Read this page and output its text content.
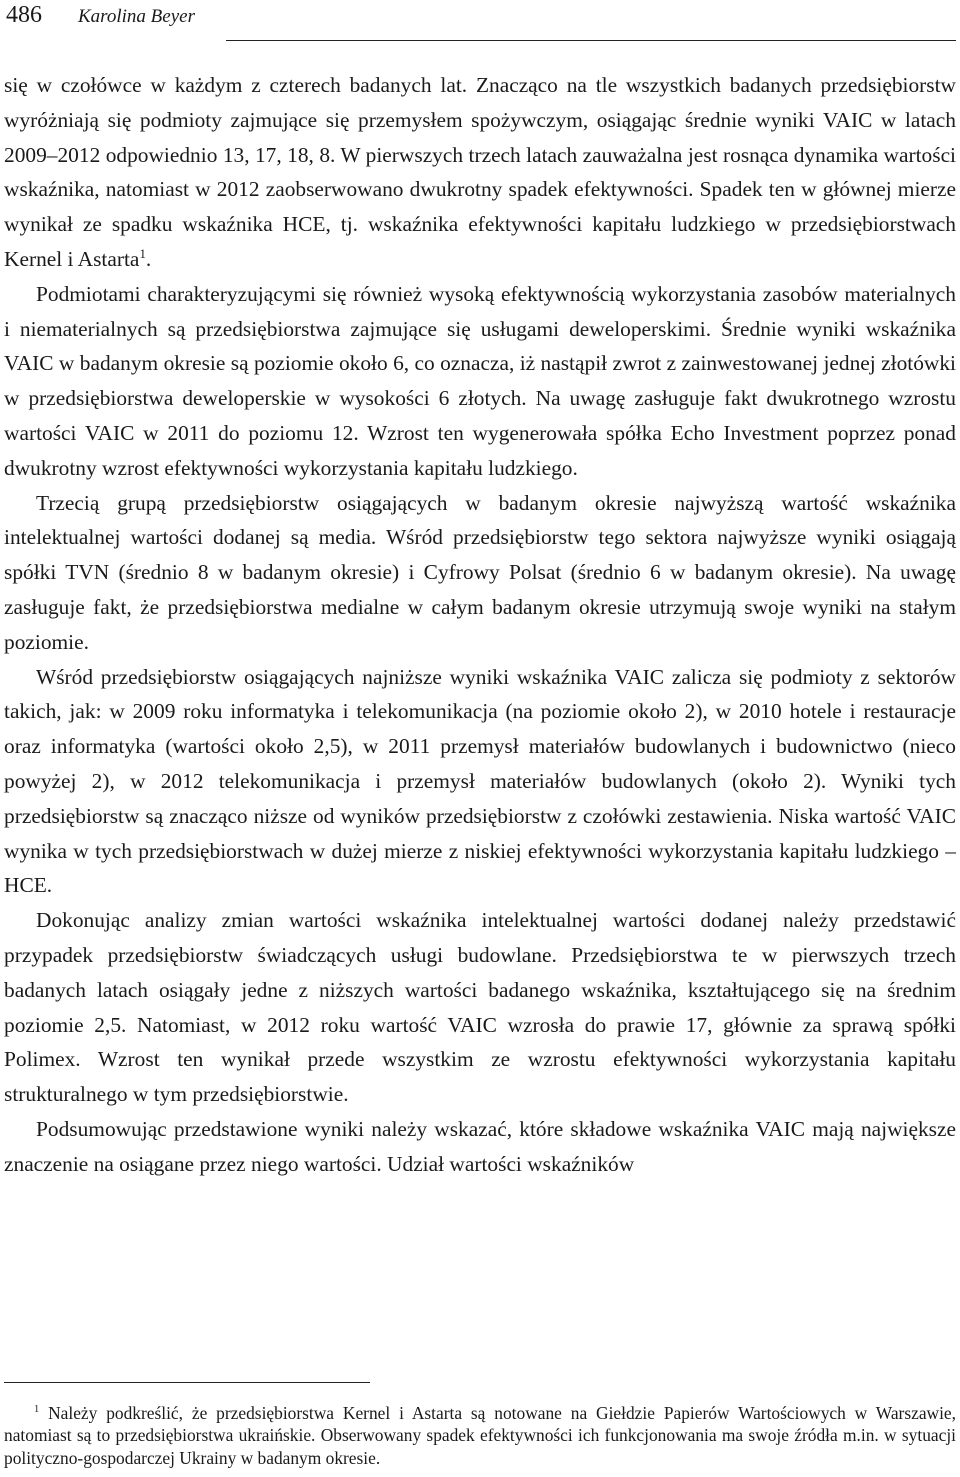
486 Karolina Beyer

się w czołówce w każdym z czterech badanych lat. Znacząco na tle wszystkich badanych przedsiębiorstw wyróżniają się podmioty zajmujące się przemysłem spożywczym, osiągając średnie wyniki VAIC w latach 2009–2012 odpowiednio 13, 17, 18, 8. W pierwszych trzech latach zauważalna jest rosnąca dynamika wartości wskaźnika, natomiast w 2012 zaobserwowano dwukrotny spadek efektywności. Spadek ten w głównej mierze wynikał ze spadku wskaźnika HCE, tj. wskaźnika efektywności kapitału ludzkiego w przedsiębiorstwach Kernel i Astarta$^1$.

Podmiotami charakteryzującymi się również wysoką efektywnością wykorzystania zasobów materialnych i niematerialnych są przedsiębiorstwa zajmujące się usługami deweloperskimi. Średnie wyniki wskaźnika VAIC w badanym okresie są poziomie około 6, co oznacza, iż nastąpił zwrot z zainwestowanej jednej złotówki w przedsiębiorstwa deweloperskie w wysokości 6 złotych. Na uwagę zasługuje fakt dwukrotnego wzrostu wartości VAIC w 2011 do poziomu 12. Wzrost ten wygenerowała spółka Echo Investment poprzez ponad dwukrotny wzrost efektywności wykorzystania kapitału ludzkiego.

Trzecią grupą przedsiębiorstw osiągających w badanym okresie najwyższą wartość wskaźnika intelektualnej wartości dodanej są media. Wśród przedsiębiorstw tego sektora najwyższe wyniki osiągają spółki TVN (średnio 8 w badanym okresie) i Cyfrowy Polsat (średnio 6 w badanym okresie). Na uwagę zasługuje fakt, że przedsiębiorstwa medialne w całym badanym okresie utrzymują swoje wyniki na stałym poziomie.

Wśród przedsiębiorstw osiągających najniższe wyniki wskaźnika VAIC zalicza się podmioty z sektorów takich, jak: w 2009 roku informatyka i telekomunikacja (na poziomie około 2), w 2010 hotele i restauracje oraz informatyka (wartości około 2,5), w 2011 przemysł materiałów budowlanych i budownictwo (nieco powyżej 2), w 2012 telekomunikacja i przemysł materiałów budowlanych (około 2). Wyniki tych przedsiębiorstw są znacząco niższe od wyników przedsiębiorstw z czołówki zestawienia. Niska wartość VAIC wynika w tych przedsiębiorstwach w dużej mierze z niskiej efektywności wykorzystania kapitału ludzkiego – HCE.

Dokonując analizy zmian wartości wskaźnika intelektualnej wartości dodanej należy przedstawić przypadek przedsiębiorstw świadczących usługi budowlane. Przedsiębiorstwa te w pierwszych trzech badanych latach osiągały jedne z niższych wartości badanego wskaźnika, kształtującego się na średnim poziomie 2,5. Natomiast, w 2012 roku wartość VAIC wzrosła do prawie 17, głównie za sprawą spółki Polimex. Wzrost ten wynikał przede wszystkim ze wzrostu efektywności wykorzystania kapitału strukturalnego w tym przedsiębiorstwie.

Podsumowując przedstawione wyniki należy wskazać, które składowe wskaźnika VAIC mają największe znaczenie na osiągane przez niego wartości. Udział wartości wskaźników

$^1$ Należy podkreślić, że przedsiębiorstwa Kernel i Astarta są notowane na Giełdzie Papierów Wartościowych w Warszawie, natomiast są to przedsiębiorstwa ukraińskie. Obserwowany spadek efektywności ich funkcjonowania ma swoje źródła m.in. w sytuacji polityczno-gospodarczej Ukrainy w badanym okresie.
